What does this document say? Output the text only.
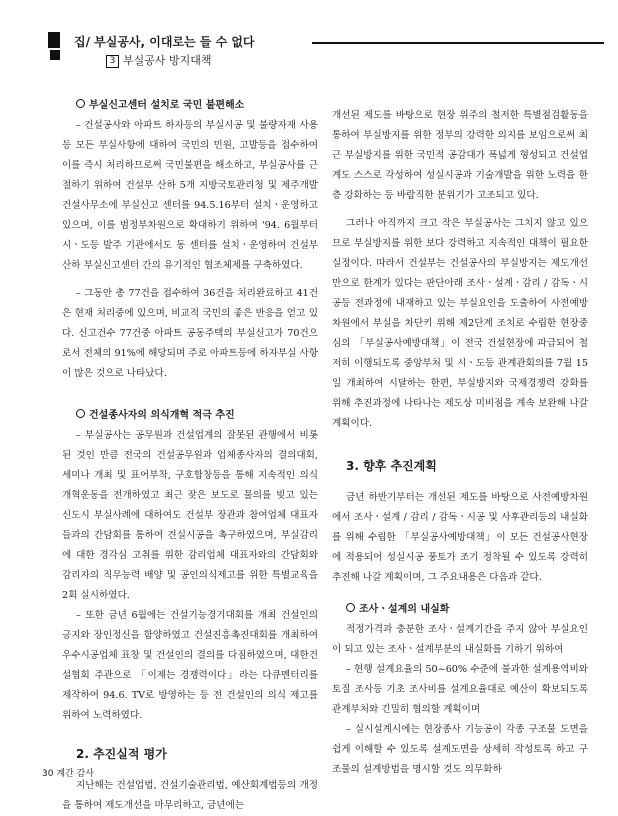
집/ 부실공사, 이대로는 들 수 없다
3 부실공사 방지대책

부실신고센터 설치로 국민 불편해소

– 건설공사와 아파트 하자등의 부실시공 및 불량자재 사용등 모든 부실사항에 대하여 국민의 민원, 고발등을 접수하여 이를 즉시 처리하므로써 국민불편을 해소하고, 부실공사를 근절하기 위하여 건설부 산하 5개 지방국토관리청 및 제주개발 건설사무소에 부실신고 센터를 94.5.16부터 설치ㆍ운영하고 있으며, 이를 범정부차원으로 확대하기 위하여 '94. 6월부터 시ㆍ도등 발주 기관에서도 동 센터를 설치ㆍ운영하여 건설부 산하 부실신고센터 간의 유기적인 협조체제를 구축하였다.

– 그동안 총 77건을 접수하여 36건을 처리완료하고 41건은 현재 처리중에 있으며, 비교적 국민의 좋은 반응을 얻고 있다. 신고건수 77건중 아파트 공동주택의 부실신고가 70건으로서 전체의 91%에 해당되며 주로 아파트등에 하자부실 사항이 많은 것으로 나타났다.

건설종사자의 의식개혁 적극 추진

– 부실공사는 공무원과 건설업계의 잘못된 관행에서 비롯된 것인 만큼 전국의 건설공무원과 업체종사자의 결의대회, 세미나 개최 및 표어부착, 구호합창등을 통해 지속적인 의식개혁운동을 전개하였고 최근 잦은 보도로 물의를 빚고 있는 신도시 부실사례에 대하여도 건설부 장관과 참여업체 대표자들과의 간담회를 통하여 견실시공을 촉구하였으며, 부실감리에 대한 경각심 고취를 위한 감리업체 대표자와의 간담회와 감리자의 직무능력 배양 및 공인의식제고를 위한 특별교육을 2회 실시하였다.

– 또한 금년 6월에는 건설기능경기대회를 개최 건설인의 긍지와 장인정신을 함양하였고 건설진흥촉진대회를 개최하여 우수시공업체 표창 및 건설인의 결의를 다짐하였으며, 대한건설협회 주관으로 「이제는 경쟁력이다」라는 다큐멘터리를 제작하여 94.6. TV로 방영하는 등 전 건설인의 의식 제고를 위하여 노력하였다.

2. 추진실적 평가

지난해는 건설업법, 건설기술관리법, 예산회계법등의 개정을 통하여 제도개선을 마무리하고, 금년에는

개선된 제도를 바탕으로 현장 위주의 철저한 특별점검활동을 통하여 부실방지를 위한 정부의 강력한 의지를 보임으로써 최근 부실방지를 위한 국민적 공감대가 폭넓게 형성되고 건설업계도 스스로 각성하여 성실시공과 기술개발을 위한 노력을 한층 강화하는 등 바람직한 분위기가 고조되고 있다.

그러나 아직까지 크고 작은 부실공사는 그치지 않고 있으므로 부실방지를 위한 보다 강력하고 지속적인 대책이 필요한 실정이다. 따라서 건설부는 건설공사의 부실방지는 제도개선만으로 한계가 있다는 판단아래 조사ㆍ설계ㆍ감리 / 감독ㆍ시공등 전과정에 내재하고 있는 부실요인을 도출하여 사전예방차원에서 부실을 차단키 위해 제2단계 조치로 수립한 현장중심의 「부실공사예방대책」이 전국 건설현장에 파급되어 철저히 이행되도록 중앙부처 및 시ㆍ도등 관계관회의를 7월 15일 개최하여 시달하는 한편, 부실방지와 국제경쟁력 강화를 위해 추진과정에 나타나는 제도상 미비점을 계속 보완해 나갈 계획이다.

3. 향후 추진계획

금년 하반기부터는 개선된 제도를 바탕으로 사전예방차원에서 조사ㆍ설계 / 감리 / 감독ㆍ시공 및 사후관리등의 내실화를 위해 수립한 「부실공사예방대책」이 모든 건설공사현장에 적용되어 성실시공 풍토가 조기 정착될 수 있도록 강력히 추진해 나갈 계획이며, 그 주요내용은 다음과 같다.

조사ㆍ설계의 내실화

적정가격과 충분한 조사ㆍ설계기간을 주지 않아 부실요인이 되고 있는 조사ㆍ설계부분의 내실화를 기하기 위하여

– 현행 설계요율의 50~60% 수준에 불과한 설계용역비와 토질 조사등 기초 조사비를 설계요율대로 예산이 확보되도록 관계부처와 긴밀히 협의할 계획이며

– 실시설계시에는 현장종사 기능공이 각종 구조물 도면을 쉽게 이해할 수 있도록 설계도면을 상세히 작성토록 하고 구조물의 설계방법을 명시할 것도 의무화하

30 계간 감사
